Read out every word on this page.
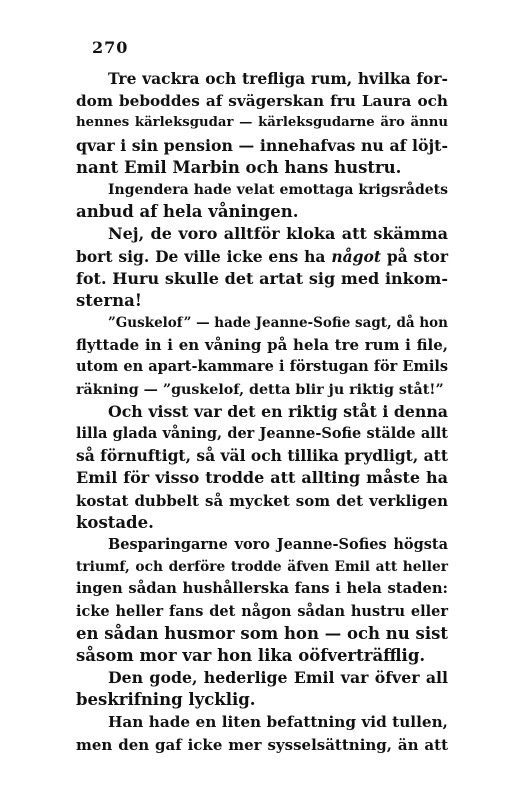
270
Tre vackra och trefliga rum, hvilka for-
dom beboddes af svägerskan fru Laura och
hennes kärleksgudar — kärleksgudarne äro ännu
qvar i sin pension — innehafvas nu af löjt-
nant Emil Marbin och hans hustru.
Ingendera hade velat emottaga krigsrådets
anbud af hela våningen.
Nej, de voro alltför kloka att skämma
bort sig. De ville icke ens ha något på stor
fot. Huru skulle det artat sig med inkom-
sterna!
”Guskelof” — hade Jeanne-Sofie sagt, då hon
flyttade in i en våning på hela tre rum i file,
utom en apart-kammare i förstugan för Emils
räkning — ”guskelof, detta blir ju riktig ståt!”
Och visst var det en riktig ståt i denna
lilla glada våning, der Jeanne-Sofie stälde allt
så förnuftigt, så väl och tillika prydligt, att
Emil för visso trodde att allting måste ha
kostat dubbelt så mycket som det verkligen
kostade.
Besparingarne voro Jeanne-Sofies högsta
triumf, och derföre trodde äfven Emil att heller
ingen sådan hushållerska fans i hela staden:
icke heller fans det någon sådan hustru eller
en sådan husmor som hon — och nu sist
såsom mor var hon lika oöfverträfflig.
Den gode, hederlige Emil var öfver all
beskrifning lycklig.
Han hade en liten befattning vid tullen,
men den gaf icke mer sysselsättning, än att
